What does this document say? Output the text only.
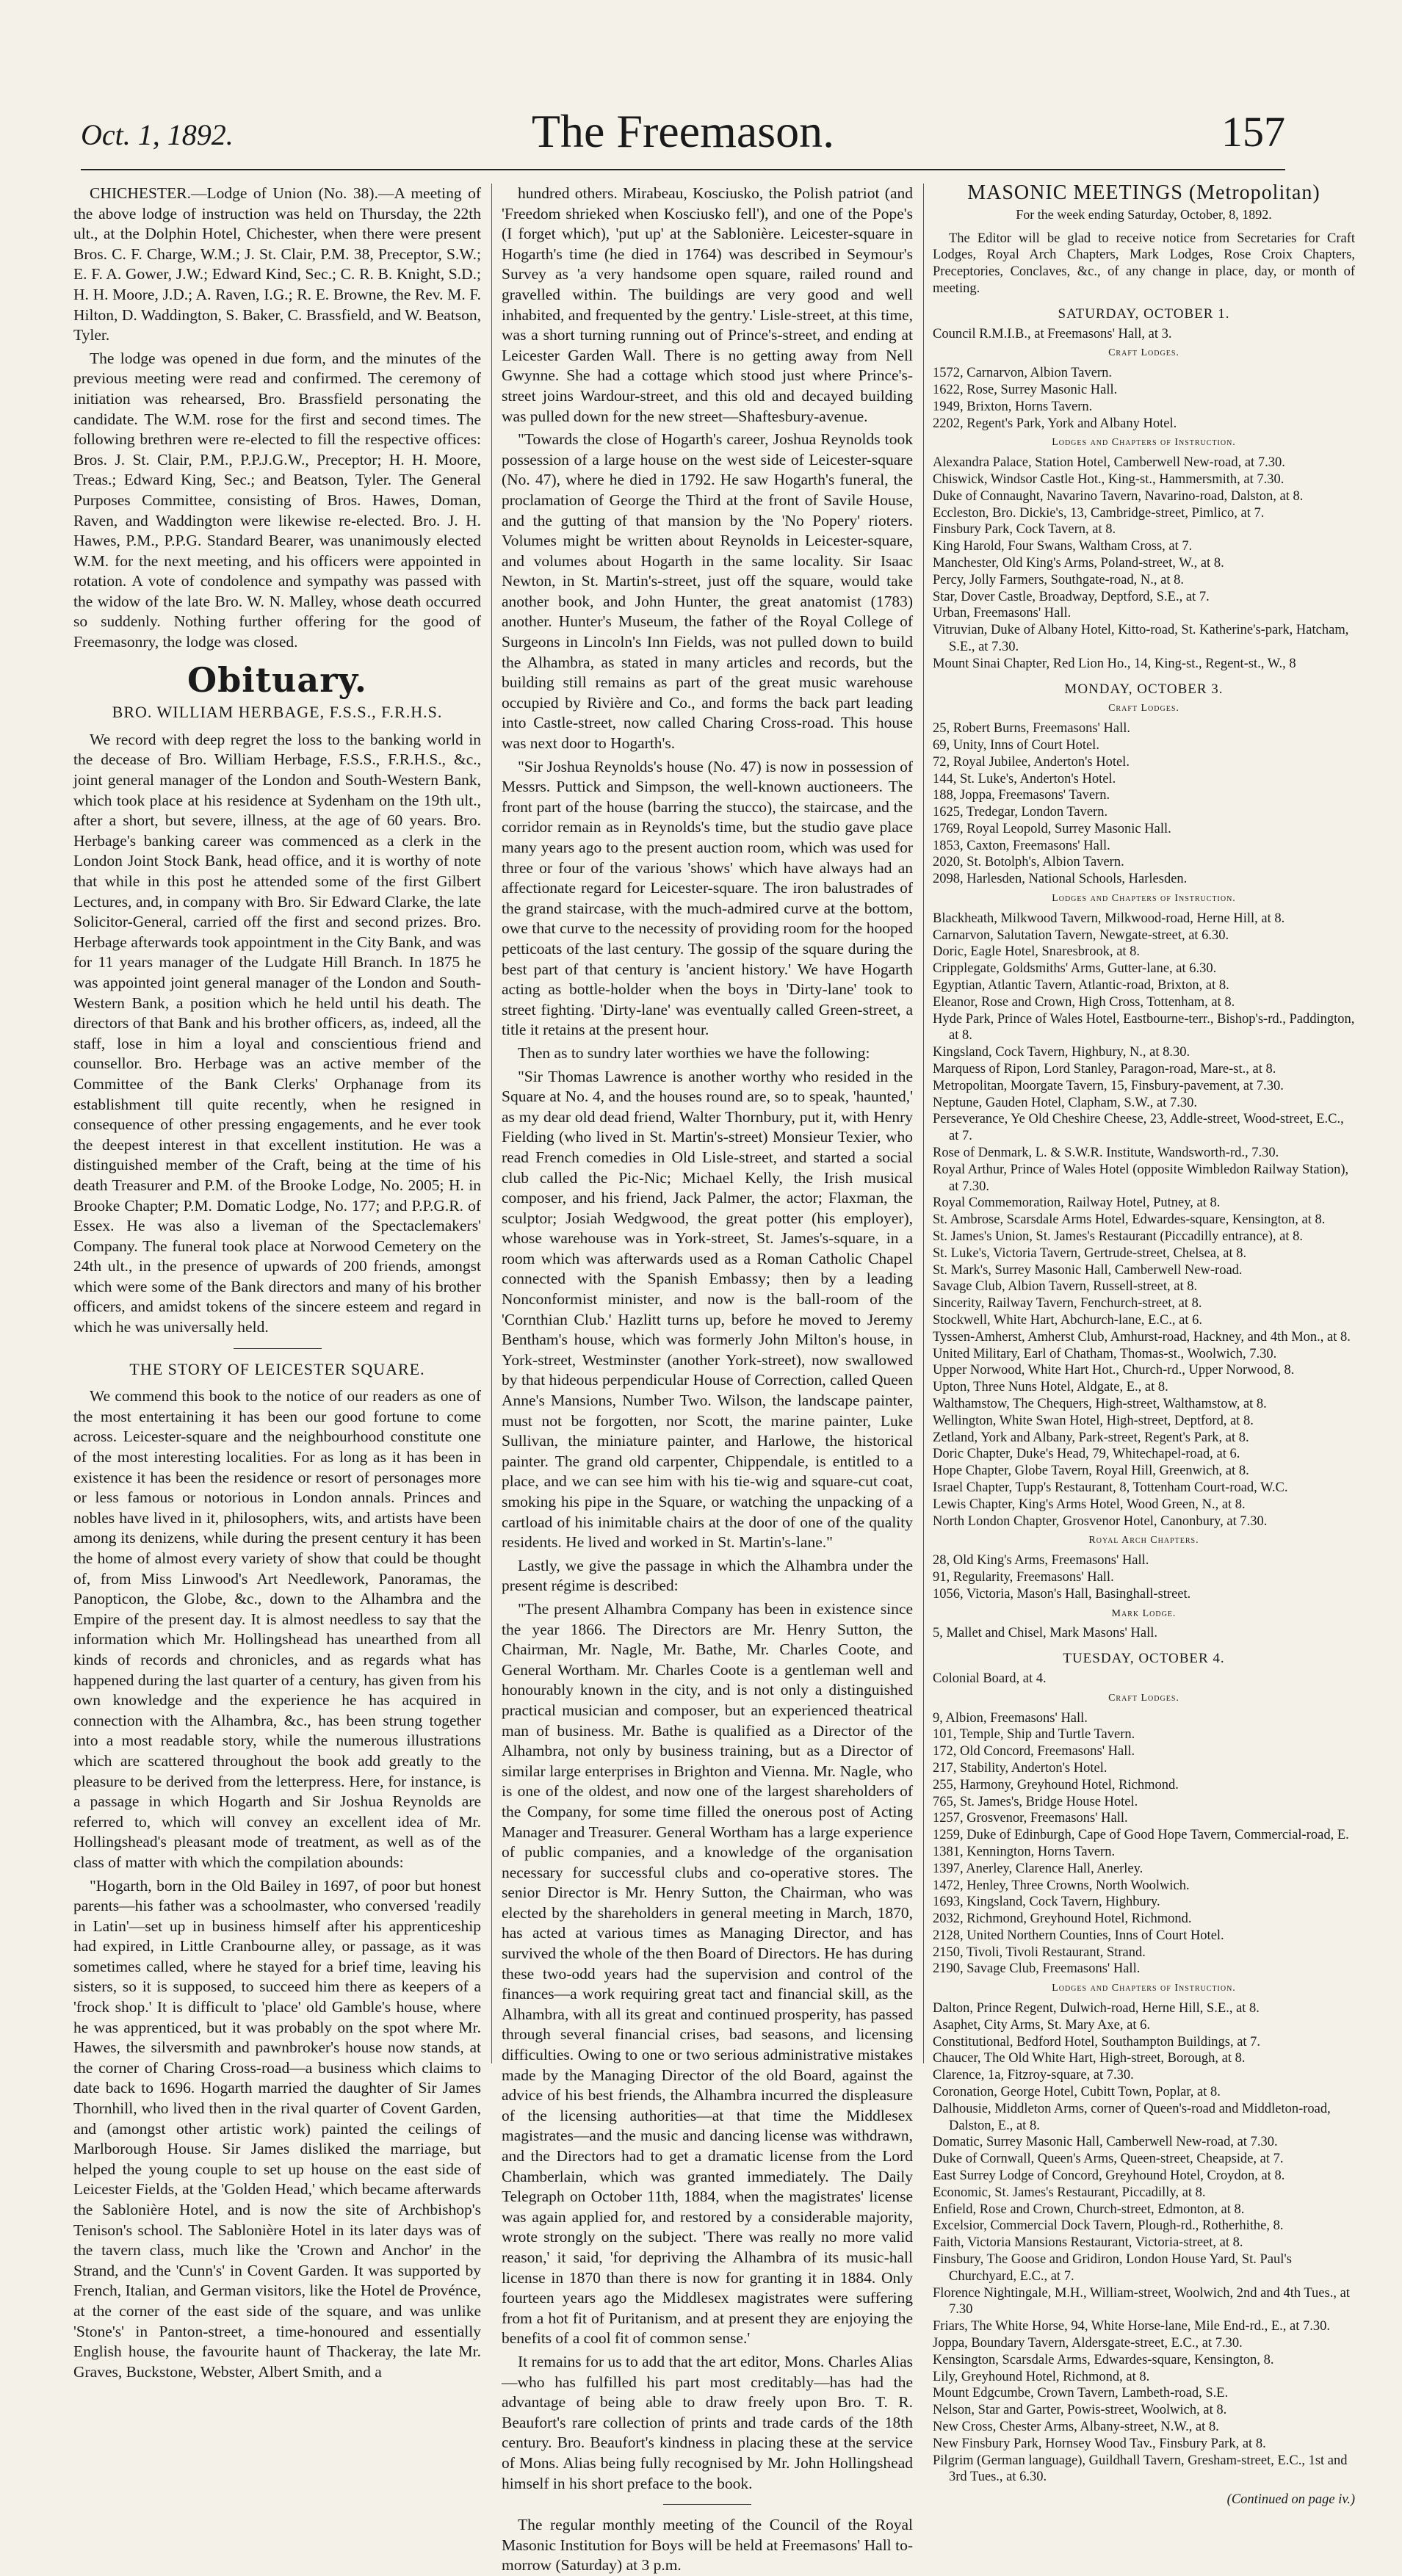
Oct. 1, 1892.	The Freemason.	157

CHICHESTER.—Lodge of Union (No. 38).—A meeting of the above lodge of instruction was held on Thursday, the 22th ult., at the Dolphin Hotel, Chichester, when there were present Bros. C. F. Charge, W.M.; J. St. Clair, P.M. 38, Preceptor, S.W.; E. F. A. Gower, J.W.; Edward Kind, Sec.; C. R. B. Knight, S.D.; H. H. Moore, J.D.; A. Raven, I.G.; R. E. Browne, the Rev. M. F. Hilton, D. Waddington, S. Baker, C. Brassfield, and W. Beatson, Tyler.

The lodge was opened in due form, and the minutes of the previous meeting were read and confirmed. The ceremony of initiation was rehearsed, Bro. Brassfield personating the candidate. The W.M. rose for the first and second times. The following brethren were re-elected to fill the respective offices: Bros. J. St. Clair, P.M., P.P.J.G.W., Preceptor; H. H. Moore, Treas.; Edward King, Sec.; and Beatson, Tyler. The General Purposes Committee, consisting of Bros. Hawes, Doman, Raven, and Waddington were likewise re-elected. Bro. J. H. Hawes, P.M., P.P.G. Standard Bearer, was unanimously elected W.M. for the next meeting, and his officers were appointed in rotation. A vote of condolence and sympathy was passed with the widow of the late Bro. W. N. Malley, whose death occurred so suddenly. Nothing further offering for the good of Freemasonry, the lodge was closed.

Obituary.
BRO. WILLIAM HERBAGE, F.S.S., F.R.H.S.

We record with deep regret the loss to the banking world in the decease of Bro. William Herbage, F.S.S., F.R.H.S., &c., joint general manager of the London and South-Western Bank, which took place at his residence at Sydenham on the 19th ult., after a short, but severe, illness, at the age of 60 years. Bro. Herbage's banking career was commenced as a clerk in the London Joint Stock Bank, head office, and it is worthy of note that while in this post he attended some of the first Gilbert Lectures, and, in company with Bro. Sir Edward Clarke, the late Solicitor-General, carried off the first and second prizes. Bro. Herbage afterwards took appointment in the City Bank, and was for 11 years manager of the Ludgate Hill Branch. In 1875 he was appointed joint general manager of the London and South-Western Bank, a position which he held until his death. The directors of that Bank and his brother officers, as, indeed, all the staff, lose in him a loyal and conscientious friend and counsellor. Bro. Herbage was an active member of the Committee of the Bank Clerks' Orphanage from its establishment till quite recently, when he resigned in consequence of other pressing engagements, and he ever took the deepest interest in that excellent institution. He was a distinguished member of the Craft, being at the time of his death Treasurer and P.M. of the Brooke Lodge, No. 2005; H. in Brooke Chapter; P.M. Domatic Lodge, No. 177; and P.P.G.R. of Essex. He was also a liveman of the Spectaclemakers' Company. The funeral took place at Norwood Cemetery on the 24th ult., in the presence of upwards of 200 friends, amongst which were some of the Bank directors and many of his brother officers, and amidst tokens of the sincere esteem and regard in which he was universally held.

THE STORY OF LEICESTER SQUARE.

We commend this book to the notice of our readers as one of the most entertaining it has been our good fortune to come across. Leicester-square and the neighbourhood constitute one of the most interesting localities. For as long as it has been in existence it has been the residence or resort of personages more or less famous or notorious in London annals. Princes and nobles have lived in it, philosophers, wits, and artists have been among its denizens, while during the present century it has been the home of almost every variety of show that could be thought of, from Miss Linwood's Art Needlework, Panoramas, the Panopticon, the Globe, &c., down to the Alhambra and the Empire of the present day. It is almost needless to say that the information which Mr. Hollingshead has unearthed from all kinds of records and chronicles, and as regards what has happened during the last quarter of a century, has given from his own knowledge and the experience he has acquired in connection with the Alhambra, &c., has been strung together into a most readable story, while the numerous illustrations which are scattered throughout the book add greatly to the pleasure to be derived from the letterpress. Here, for instance, is a passage in which Hogarth and Sir Joshua Reynolds are referred to, which will convey an excellent idea of Mr. Hollingshead's pleasant mode of treatment, as well as of the class of matter with which the compilation abounds:

"Hogarth, born in the Old Bailey in 1697, of poor but honest parents—his father was a schoolmaster, who conversed 'readily in Latin'—set up in business himself after his apprenticeship had expired, in Little Cranbourne alley, or passage, as it was sometimes called, where he stayed for a brief time, leaving his sisters, so it is supposed, to succeed him there as keepers of a 'frock shop.' It is difficult to 'place' old Gamble's house, where he was apprenticed, but it was probably on the spot where Mr. Hawes, the silversmith and pawnbroker's house now stands, at the corner of Charing Cross-road—a business which claims to date back to 1696. Hogarth married the daughter of Sir James Thornhill, who lived then in the rival quarter of Covent Garden, and (amongst other artistic work) painted the ceilings of Marlborough House. Sir James disliked the marriage, but helped the young couple to set up house on the east side of Leicester Fields, at the 'Golden Head,' which became afterwards the Sablonière Hotel, and is now the site of Archbishop's Tenison's school. The Sablonière Hotel in its later days was of the tavern class, much like the 'Crown and Anchor' in the Strand, and the 'Cunn's' in Covent Garden. It was supported by French, Italian, and German visitors, like the Hotel de Provénce, at the corner of the east side of the square, and was unlike 'Stone's' in Panton-street, a time-honoured and essentially English house, the favourite haunt of Thackeray, the late Mr. Graves, Buckstone, Webster, Albert Smith, and a

hundred others. Mirabeau, Kosciusko, the Polish patriot (and 'Freedom shrieked when Kosciusko fell'), and one of the Pope's (I forget which), 'put up' at the Sablonière. Leicester-square in Hogarth's time (he died in 1764) was described in Seymour's Survey as 'a very handsome open square, railed round and gravelled within. The buildings are very good and well inhabited, and frequented by the gentry.' Lisle-street, at this time, was a short turning running out of Prince's-street, and ending at Leicester Garden Wall. There is no getting away from Nell Gwynne. She had a cottage which stood just where Prince's-street joins Wardour-street, and this old and decayed building was pulled down for the new street—Shaftesbury-avenue.

"Towards the close of Hogarth's career, Joshua Reynolds took possession of a large house on the west side of Leicester-square (No. 47), where he died in 1792. He saw Hogarth's funeral, the proclamation of George the Third at the front of Savile House, and the gutting of that mansion by the 'No Popery' rioters. Volumes might be written about Reynolds in Leicester-square, and volumes about Hogarth in the same locality. Sir Isaac Newton, in St. Martin's-street, just off the square, would take another book, and John Hunter, the great anatomist (1783) another. Hunter's Museum, the father of the Royal College of Surgeons in Lincoln's Inn Fields, was not pulled down to build the Alhambra, as stated in many articles and records, but the building still remains as part of the great music warehouse occupied by Rivière and Co., and forms the back part leading into Castle-street, now called Charing Cross-road. This house was next door to Hogarth's.

"Sir Joshua Reynolds's house (No. 47) is now in possession of Messrs. Puttick and Simpson, the well-known auctioneers. The front part of the house (barring the stucco), the staircase, and the corridor remain as in Reynolds's time, but the studio gave place many years ago to the present auction room, which was used for three or four of the various 'shows' which have always had an affectionate regard for Leicester-square. The iron balustrades of the grand staircase, with the much-admired curve at the bottom, owe that curve to the necessity of providing room for the hooped petticoats of the last century. The gossip of the square during the best part of that century is 'ancient history.' We have Hogarth acting as bottle-holder when the boys in 'Dirty-lane' took to street fighting. 'Dirty-lane' was eventually called Green-street, a title it retains at the present hour.

Then as to sundry later worthies we have the following:

"Sir Thomas Lawrence is another worthy who resided in the Square at No. 4, and the houses round are, so to speak, 'haunted,' as my dear old dead friend, Walter Thornbury, put it, with Henry Fielding (who lived in St. Martin's-street) Monsieur Texier, who read French comedies in Old Lisle-street, and started a social club called the Pic-Nic; Michael Kelly, the Irish musical composer, and his friend, Jack Palmer, the actor; Flaxman, the sculptor; Josiah Wedgwood, the great potter (his employer), whose warehouse was in York-street, St. James's-square, in a room which was afterwards used as a Roman Catholic Chapel connected with the Spanish Embassy; then by a leading Nonconformist minister, and now is the ball-room of the 'Cornthian Club.' Hazlitt turns up, before he moved to Jeremy Bentham's house, which was formerly John Milton's house, in York-street, Westminster (another York-street), now swallowed by that hideous perpendicular House of Correction, called Queen Anne's Mansions, Number Two. Wilson, the landscape painter, must not be forgotten, nor Scott, the marine painter, Luke Sullivan, the miniature painter, and Harlowe, the historical painter. The grand old carpenter, Chippendale, is entitled to a place, and we can see him with his tie-wig and square-cut coat, smoking his pipe in the Square, or watching the unpacking of a cartload of his inimitable chairs at the door of one of the quality residents. He lived and worked in St. Martin's-lane."

Lastly, we give the passage in which the Alhambra under the present régime is described:

"The present Alhambra Company has been in existence since the year 1866. The Directors are Mr. Henry Sutton, the Chairman, Mr. Nagle, Mr. Bathe, Mr. Charles Coote, and General Wortham. Mr. Charles Coote is a gentleman well and honourably known in the city, and is not only a distinguished practical musician and composer, but an experienced theatrical man of business. Mr. Bathe is qualified as a Director of the Alhambra, not only by business training, but as a Director of similar large enterprises in Brighton and Vienna. Mr. Nagle, who is one of the oldest, and now one of the largest shareholders of the Company, for some time filled the onerous post of Acting Manager and Treasurer. General Wortham has a large experience of public companies, and a knowledge of the organisation necessary for successful clubs and co-operative stores. The senior Director is Mr. Henry Sutton, the Chairman, who was elected by the shareholders in general meeting in March, 1870, has acted at various times as Managing Director, and has survived the whole of the then Board of Directors. He has during these two-odd years had the supervision and control of the finances—a work requiring great tact and financial skill, as the Alhambra, with all its great and continued prosperity, has passed through several financial crises, bad seasons, and licensing difficulties. Owing to one or two serious administrative mistakes made by the Managing Director of the old Board, against the advice of his best friends, the Alhambra incurred the displeasure of the licensing authorities—at that time the Middlesex magistrates—and the music and dancing license was withdrawn, and the Directors had to get a dramatic license from the Lord Chamberlain, which was granted immediately. The Daily Telegraph on October 11th, 1884, when the magistrates' license was again applied for, and restored by a considerable majority, wrote strongly on the subject. 'There was really no more valid reason,' it said, 'for depriving the Alhambra of its music-hall license in 1870 than there is now for granting it in 1884. Only fourteen years ago the Middlesex magistrates were suffering from a hot fit of Puritanism, and at present they are enjoying the benefits of a cool fit of common sense.'

It remains for us to add that the art editor, Mons. Charles Alias—who has fulfilled his part most creditably—has had the advantage of being able to draw freely upon Bro. T. R. Beaufort's rare collection of prints and trade cards of the 18th century. Bro. Beaufort's kindness in placing these at the service of Mons. Alias being fully recognised by Mr. John Hollingshead himself in his short preface to the book.

The regular monthly meeting of the Council of the Royal Masonic Institution for Boys will be held at Freemasons' Hall to-morrow (Saturday) at 3 p.m.

MASONIC MEETINGS (Metropolitan)
For the week ending Saturday, October, 8, 1892.

The Editor will be glad to receive notice from Secretaries for Craft Lodges, Royal Arch Chapters, Mark Lodges, Rose Croix Chapters, Preceptories, Conclaves, &c., of any change in place, day, or month of meeting.

SATURDAY, OCTOBER 1.

Council R.M.I.B., at Freemasons' Hall, at 3.

Craft Lodges.

1572, Carnarvon, Albion Tavern.

1622, Rose, Surrey Masonic Hall.

1949, Brixton, Horns Tavern.

2202, Regent's Park, York and Albany Hotel.

Lodges and Chapters of Instruction.

Alexandra Palace, Station Hotel, Camberwell New-road, at 7.30.

Chiswick, Windsor Castle Hot., King-st., Hammersmith, at 7.30.

Duke of Connaught, Navarino Tavern, Navarino-road, Dalston, at 8.

Eccleston, Bro. Dickie's, 13, Cambridge-street, Pimlico, at 7.

Finsbury Park, Cock Tavern, at 8.

King Harold, Four Swans, Waltham Cross, at 7.

Manchester, Old King's Arms, Poland-street, W., at 8.

Percy, Jolly Farmers, Southgate-road, N., at 8.

Star, Dover Castle, Broadway, Deptford, S.E., at 7.

Urban, Freemasons' Hall.

Vitruvian, Duke of Albany Hotel, Kitto-road, St. Katherine's-park, Hatcham, S.E., at 7.30.

Mount Sinai Chapter, Red Lion Ho., 14, King-st., Regent-st., W., 8

MONDAY, OCTOBER 3.
Craft Lodges.

25, Robert Burns, Freemasons' Hall.

69, Unity, Inns of Court Hotel.

72, Royal Jubilee, Anderton's Hotel.

144, St. Luke's, Anderton's Hotel.

188, Joppa, Freemasons' Tavern.

1625, Tredegar, London Tavern.

1769, Royal Leopold, Surrey Masonic Hall.

1853, Caxton, Freemasons' Hall.

2020, St. Botolph's, Albion Tavern.

2098, Harlesden, National Schools, Harlesden.

Lodges and Chapters of Instruction.

Blackheath, Milkwood Tavern, Milkwood-road, Herne Hill, at 8.

Carnarvon, Salutation Tavern, Newgate-street, at 6.30.

Doric, Eagle Hotel, Snaresbrook, at 8.

Cripplegate, Goldsmiths' Arms, Gutter-lane, at 6.30.

Egyptian, Atlantic Tavern, Atlantic-road, Brixton, at 8.

Eleanor, Rose and Crown, High Cross, Tottenham, at 8.

Hyde Park, Prince of Wales Hotel, Eastbourne-terr., Bishop's-rd., Paddington, at 8.

Kingsland, Cock Tavern, Highbury, N., at 8.30.

Marquess of Ripon, Lord Stanley, Paragon-road, Mare-st., at 8.

Metropolitan, Moorgate Tavern, 15, Finsbury-pavement, at 7.30.

Neptune, Gauden Hotel, Clapham, S.W., at 7.30.

Perseverance, Ye Old Cheshire Cheese, 23, Addle-street, Wood-street, E.C., at 7.

Rose of Denmark, L. & S.W.R. Institute, Wandsworth-rd., 7.30.

Royal Arthur, Prince of Wales Hotel (opposite Wimbledon Railway Station), at 7.30.

Royal Commemoration, Railway Hotel, Putney, at 8.

St. Ambrose, Scarsdale Arms Hotel, Edwardes-square, Kensington, at 8.

St. James's Union, St. James's Restaurant (Piccadilly entrance), at 8.

St. Luke's, Victoria Tavern, Gertrude-street, Chelsea, at 8.

St. Mark's, Surrey Masonic Hall, Camberwell New-road.

Savage Club, Albion Tavern, Russell-street, at 8.

Sincerity, Railway Tavern, Fenchurch-street, at 8.

Stockwell, White Hart, Abchurch-lane, E.C., at 6.

Tyssen-Amherst, Amherst Club, Amhurst-road, Hackney, and 4th Mon., at 8.

United Military, Earl of Chatham, Thomas-st., Woolwich, 7.30.

Upper Norwood, White Hart Hot., Church-rd., Upper Norwood, 8.

Upton, Three Nuns Hotel, Aldgate, E., at 8.

Walthamstow, The Chequers, High-street, Walthamstow, at 8.

Wellington, White Swan Hotel, High-street, Deptford, at 8.

Zetland, York and Albany, Park-street, Regent's Park, at 8.

Doric Chapter, Duke's Head, 79, Whitechapel-road, at 6.

Hope Chapter, Globe Tavern, Royal Hill, Greenwich, at 8.

Israel Chapter, Tupp's Restaurant, 8, Tottenham Court-road, W.C.

Lewis Chapter, King's Arms Hotel, Wood Green, N., at 8.

North London Chapter, Grosvenor Hotel, Canonbury, at 7.30.

Royal Arch Chapters.

28, Old King's Arms, Freemasons' Hall.

91, Regularity, Freemasons' Hall.

1056, Victoria, Mason's Hall, Basinghall-street.

Mark Lodge.

5, Mallet and Chisel, Mark Masons' Hall.

TUESDAY, OCTOBER 4.

Colonial Board, at 4.

Craft Lodges.

9, Albion, Freemasons' Hall.

101, Temple, Ship and Turtle Tavern.

172, Old Concord, Freemasons' Hall.

217, Stability, Anderton's Hotel.

255, Harmony, Greyhound Hotel, Richmond.

765, St. James's, Bridge House Hotel.

1257, Grosvenor, Freemasons' Hall.

1259, Duke of Edinburgh, Cape of Good Hope Tavern, Commercial-road, E.

1381, Kennington, Horns Tavern.

1397, Anerley, Clarence Hall, Anerley.

1472, Henley, Three Crowns, North Woolwich.

1693, Kingsland, Cock Tavern, Highbury.

2032, Richmond, Greyhound Hotel, Richmond.

2128, United Northern Counties, Inns of Court Hotel.

2150, Tivoli, Tivoli Restaurant, Strand.

2190, Savage Club, Freemasons' Hall.

Lodges and Chapters of Instruction.

Dalton, Prince Regent, Dulwich-road, Herne Hill, S.E., at 8.

Asaphet, City Arms, St. Mary Axe, at 6.

Constitutional, Bedford Hotel, Southampton Buildings, at 7.

Chaucer, The Old White Hart, High-street, Borough, at 8.

Clarence, 1a, Fitzroy-square, at 7.30.

Coronation, George Hotel, Cubitt Town, Poplar, at 8.

Dalhousie, Middleton Arms, corner of Queen's-road and Middleton-road, Dalston, E., at 8.

Domatic, Surrey Masonic Hall, Camberwell New-road, at 7.30.

Duke of Cornwall, Queen's Arms, Queen-street, Cheapside, at 7.

East Surrey Lodge of Concord, Greyhound Hotel, Croydon, at 8.

Economic, St. James's Restaurant, Piccadilly, at 8.

Enfield, Rose and Crown, Church-street, Edmonton, at 8.

Excelsior, Commercial Dock Tavern, Plough-rd., Rotherhithe, 8.

Faith, Victoria Mansions Restaurant, Victoria-street, at 8.

Finsbury, The Goose and Gridiron, London House Yard, St. Paul's Churchyard, E.C., at 7.

Florence Nightingale, M.H., William-street, Woolwich, 2nd and 4th Tues., at 7.30

Friars, The White Horse, 94, White Horse-lane, Mile End-rd., E., at 7.30.

Joppa, Boundary Tavern, Aldersgate-street, E.C., at 7.30.

Kensington, Scarsdale Arms, Edwardes-square, Kensington, 8.

Lily, Greyhound Hotel, Richmond, at 8.

Mount Edgcumbe, Crown Tavern, Lambeth-road, S.E.

Nelson, Star and Garter, Powis-street, Woolwich, at 8.

New Cross, Chester Arms, Albany-street, N.W., at 8.

New Finsbury Park, Hornsey Wood Tav., Finsbury Park, at 8.

Pilgrim (German language), Guildhall Tavern, Gresham-street, E.C., 1st and 3rd Tues., at 6.30.

(Continued on page iv.)
